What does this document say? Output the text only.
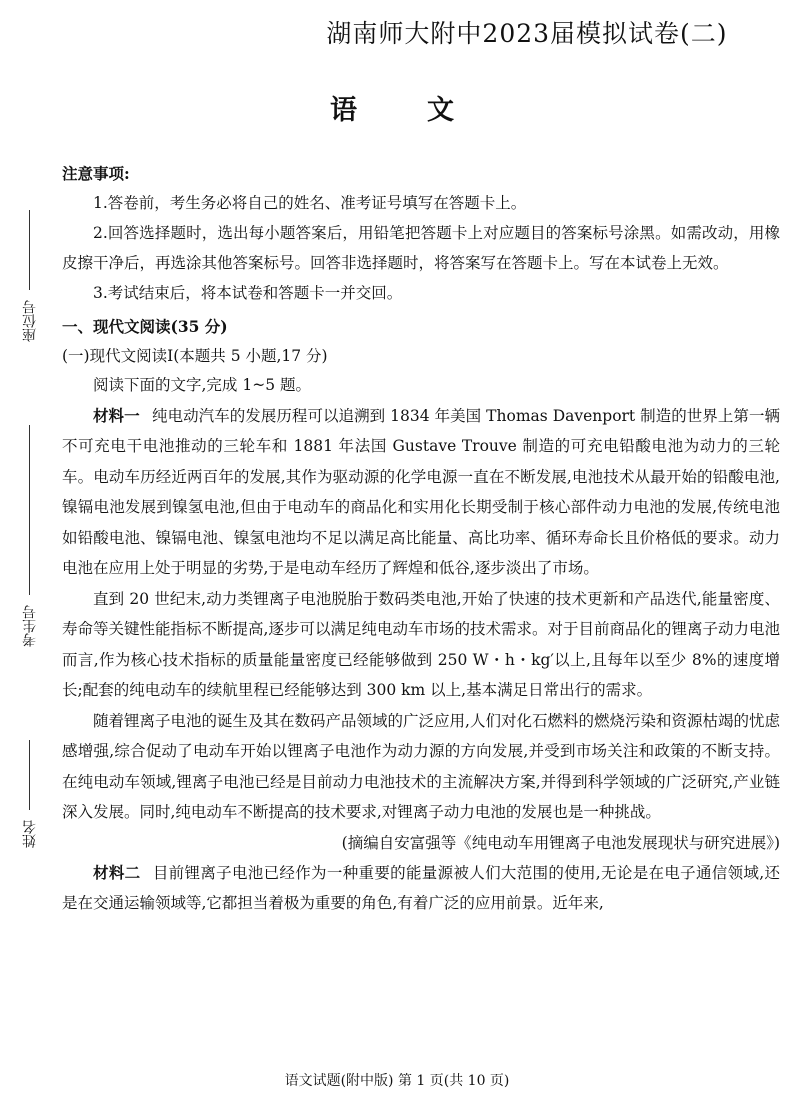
湖南师大附中2023届模拟试卷(二)
语文
座位号
考生号
姓名
注意事项:

1.答卷前，考生务必将自己的姓名、准考证号填写在答题卡上。

2.回答选择题时，选出每小题答案后，用铅笔把答题卡上对应题目的答案标号涂黑。如需改动，用橡皮擦干净后，再选涂其他答案标号。回答非选择题时，将答案写在答题卡上。写在本试卷上无效。

3.考试结束后，将本试卷和答题卡一并交回。

一、现代文阅读(35 分)
(一)现代文阅读Ⅰ(本题共 5 小题,17 分)

阅读下面的文字,完成 1~5 题。

材料一 纯电动汽车的发展历程可以追溯到 1834 年美国 Thomas Davenport 制造的世界上第一辆不可充电干电池推动的三轮车和 1881 年法国 Gustave Trouve 制造的可充电铅酸电池为动力的三轮车。电动车历经近两百年的发展,其作为驱动源的化学电源一直在不断发展,电池技术从最开始的铅酸电池,镍镉电池发展到镍氢电池,但由于电动车的商品化和实用化长期受制于核心部件动力电池的发展,传统电池如铅酸电池、镍镉电池、镍氢电池均不足以满足高比能量、高比功率、循环寿命长且价格低的要求。动力电池在应用上处于明显的劣势,于是电动车经历了辉煌和低谷,逐步淡出了市场。

直到 20 世纪末,动力类锂离子电池脱胎于数码类电池,开始了快速的技术更新和产品迭代,能量密度、寿命等关键性能指标不断提高,逐步可以满足纯电动车市场的技术需求。对于目前商品化的锂离子动力电池而言,作为核心技术指标的质量能量密度已经能够做到 250 W・h・kg′以上,且每年以至少 8%的速度增长;配套的纯电动车的续航里程已经能够达到 300 km 以上,基本满足日常出行的需求。

随着锂离子电池的诞生及其在数码产品领域的广泛应用,人们对化石燃料的燃烧污染和资源枯竭的忧虑感增强,综合促动了电动车开始以锂离子电池作为动力源的方向发展,并受到市场关注和政策的不断支持。在纯电动车领域,锂离子电池已经是目前动力电池技术的主流解决方案,并得到科学领域的广泛研究,产业链深入发展。同时,纯电动车不断提高的技术要求,对锂离子动力电池的发展也是一种挑战。

(摘编自安富强等《纯电动车用锂离子电池发展现状与研究进展》)

材料二 目前锂离子电池已经作为一种重要的能量源被人们大范围的使用,无论是在电子通信领域,还是在交通运输领域等,它都担当着极为重要的角色,有着广泛的应用前景。近年来,

语文试题(附中版) 第 1 页(共 10 页)
